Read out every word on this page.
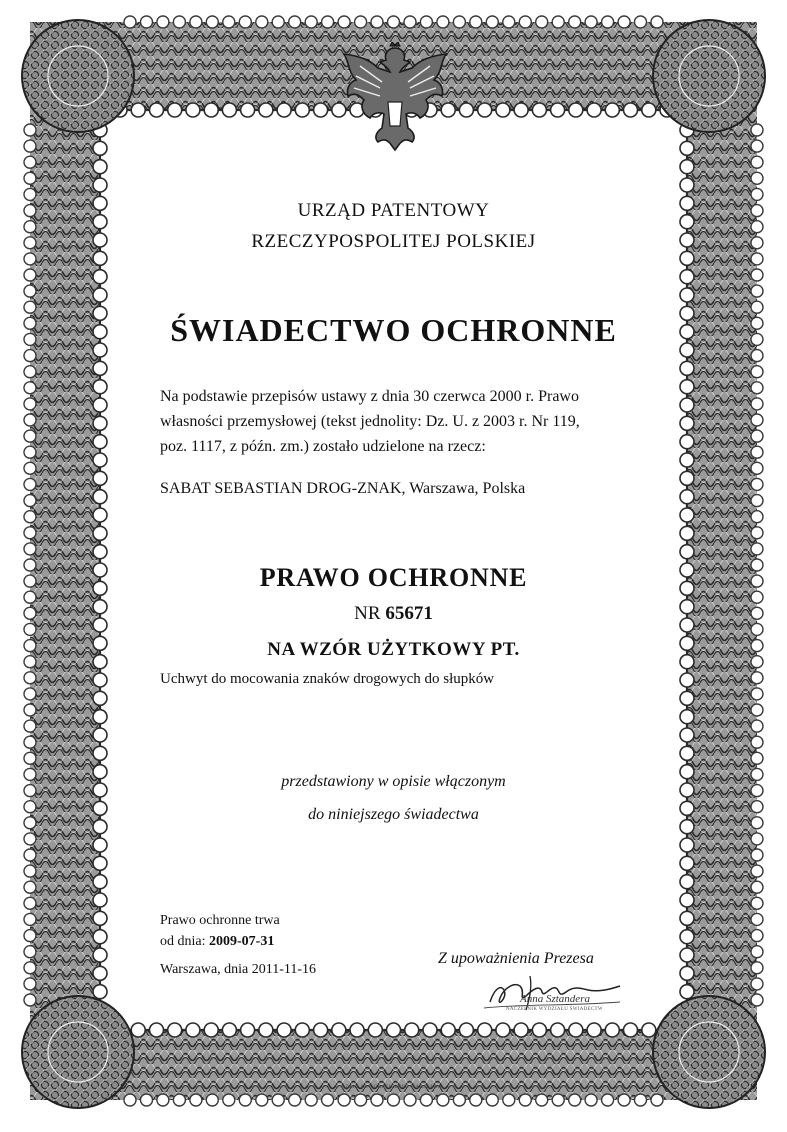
URZĄD PATENTOWY
RZECZYPOSPOLITEJ POLSKIEJ
ŚWIADECTWO OCHRONNE
Na podstawie przepisów ustawy z dnia 30 czerwca 2000 r. Prawo
własności przemysłowej (tekst jednolity: Dz. U. z 2003 r. Nr 119,
poz. 1117, z późn. zm.) zostało udzielone na rzecz:
SABAT SEBASTIAN DROG-ZNAK, Warszawa, Polska
PRAWO OCHRONNE
NR 65671
NA WZÓR UŻYTKOWY PT.
Uchwyt do mocowania znaków drogowych do słupków
przedstawiony w opisie włączonym
do niniejszego świadectwa
Prawo ochronne trwa
od dnia: 2009-07-31
Warszawa, dnia 2011-11-16
Z upoważnienia Prezesa
Anna Sztandera
NACZELNIK WYDZIAŁU ŚWIADECTW
ZAKŁADY GRAFICZNE • WARSZAWA
